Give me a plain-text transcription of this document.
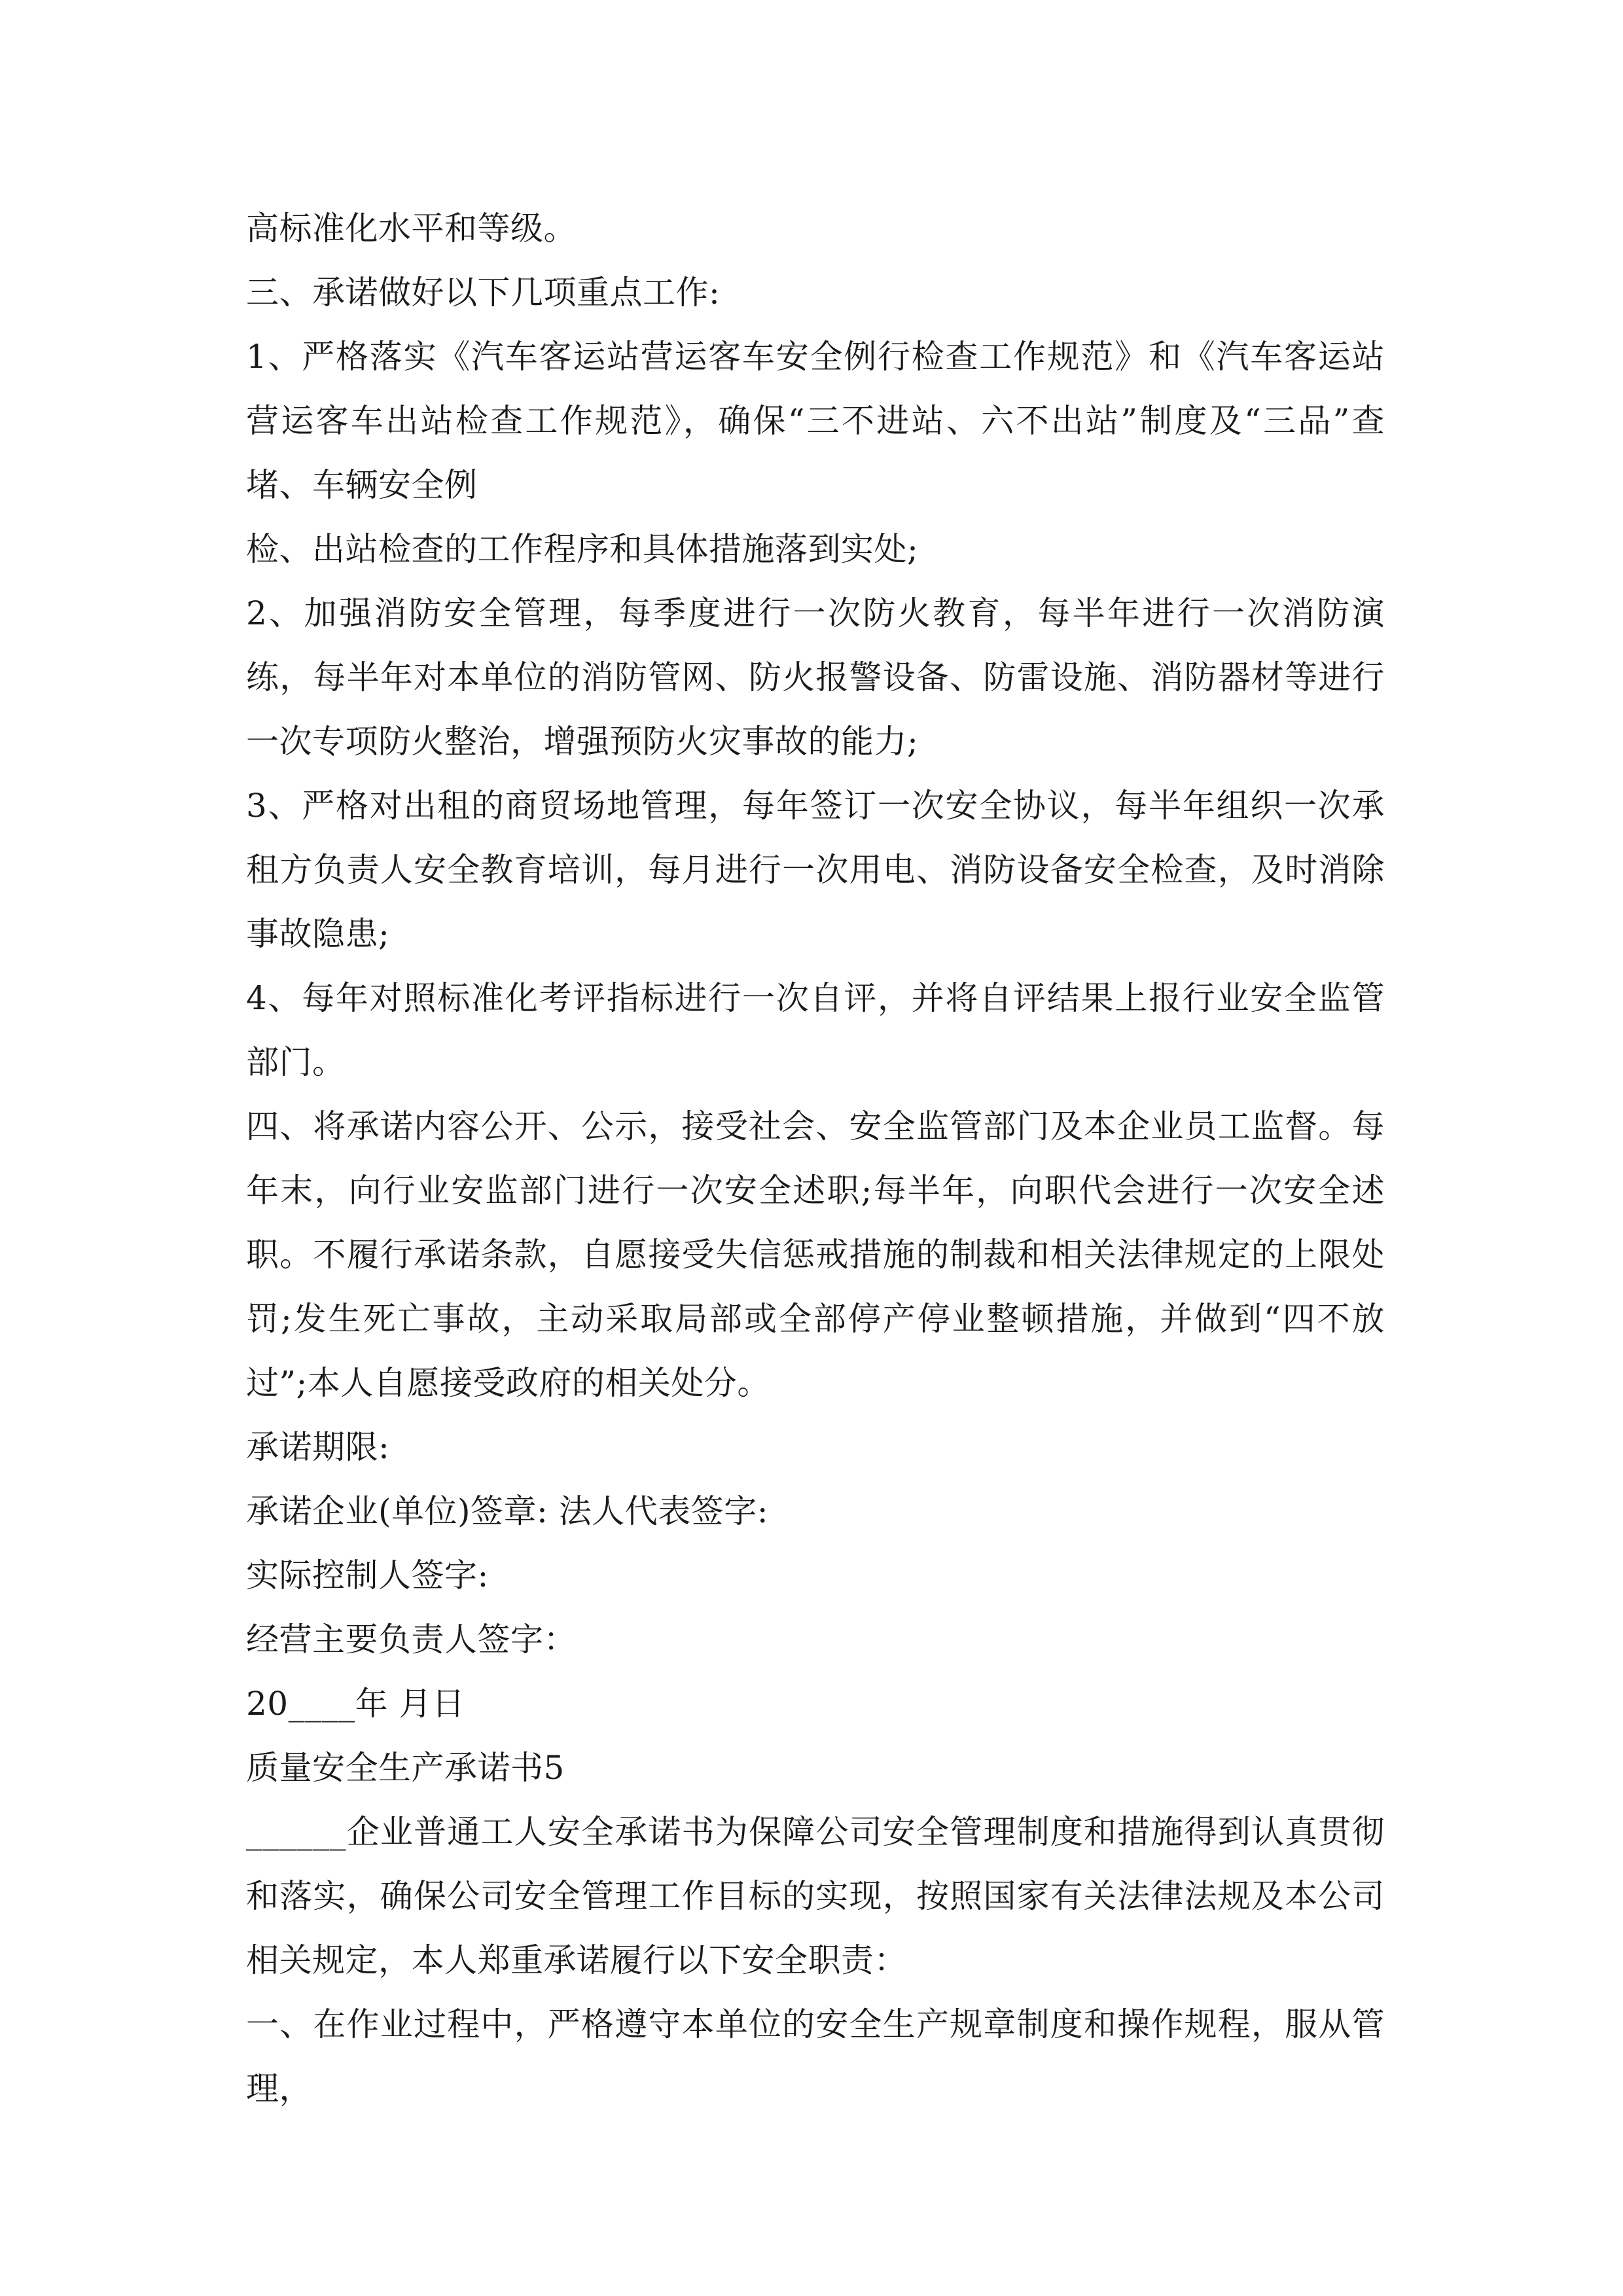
高标准化水平和等级。

三、承诺做好以下几项重点工作:

1、严格落实《汽车客运站营运客车安全例行检查工作规范》和《汽车客运站营运客车出站检查工作规范》，确保“三不进站、六不出站”制度及“三品”查堵、车辆安全例

检、出站检查的工作程序和具体措施落到实处;

2、加强消防安全管理，每季度进行一次防火教育，每半年进行一次消防演练，每半年对本单位的消防管网、防火报警设备、防雷设施、消防器材等进行一次专项防火整治，增强预防火灾事故的能力;

3、严格对出租的商贸场地管理，每年签订一次安全协议，每半年组织一次承租方负责人安全教育培训，每月进行一次用电、消防设备安全检查，及时消除事故隐患;

4、每年对照标准化考评指标进行一次自评，并将自评结果上报行业安全监管部门。

四、将承诺内容公开、公示，接受社会、安全监管部门及本企业员工监督。每年末，向行业安监部门进行一次安全述职;每半年，向职代会进行一次安全述职。不履行承诺条款，自愿接受失信惩戒措施的制裁和相关法律规定的上限处罚;发生死亡事故，主动采取局部或全部停产停业整顿措施，并做到“四不放过”;本人自愿接受政府的相关处分。

承诺期限:

承诺企业(单位)签章: 法人代表签字:

实际控制人签字:

经营主要负责人签字：

20____年 月日

质量安全生产承诺书5

______企业普通工人安全承诺书为保障公司安全管理制度和措施得到认真贯彻和落实，确保公司安全管理工作目标的实现，按照国家有关法律法规及本公司相关规定，本人郑重承诺履行以下安全职责：

一、在作业过程中，严格遵守本单位的安全生产规章制度和操作规程，服从管理，
